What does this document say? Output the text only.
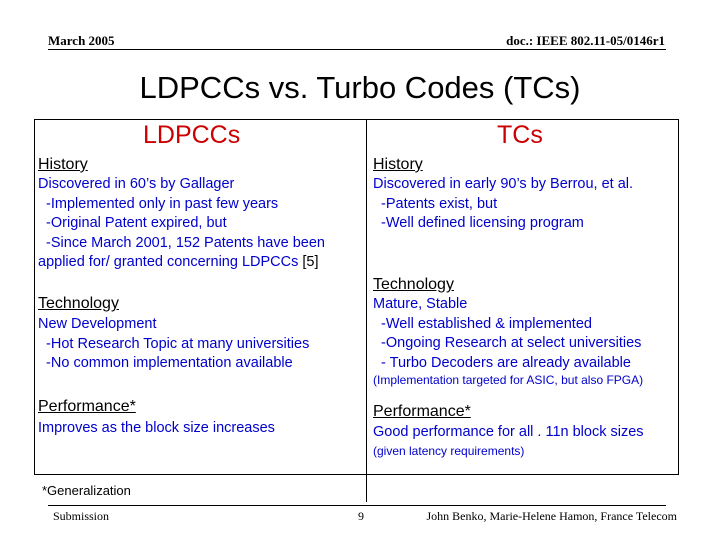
March 2005	doc.: IEEE 802.11-05/0146r1
LDPCCs vs. Turbo Codes (TCs)
LDPCCs
History
Discovered in 60’s by Gallager
-Implemented only in past few years
-Original Patent expired, but
-Since March 2001, 152 Patents have been
applied for/ granted concerning LDPCCs [5]
Technology
New Development
-Hot Research Topic at many universities
-No common implementation available
Performance*
Improves as the block size increases
TCs
History
Discovered in early 90’s by Berrou, et al.
-Patents exist, but
-Well defined licensing program
Technology
Mature, Stable
-Well established & implemented
-Ongoing Research at select universities
- Turbo Decoders are already available
(Implementation targeted for ASIC, but also FPGA)
Performance*
Good performance for all . 11n block sizes
(given latency requirements)
*Generalization
Submission	9	John Benko, Marie-Helene Hamon, France Telecom
